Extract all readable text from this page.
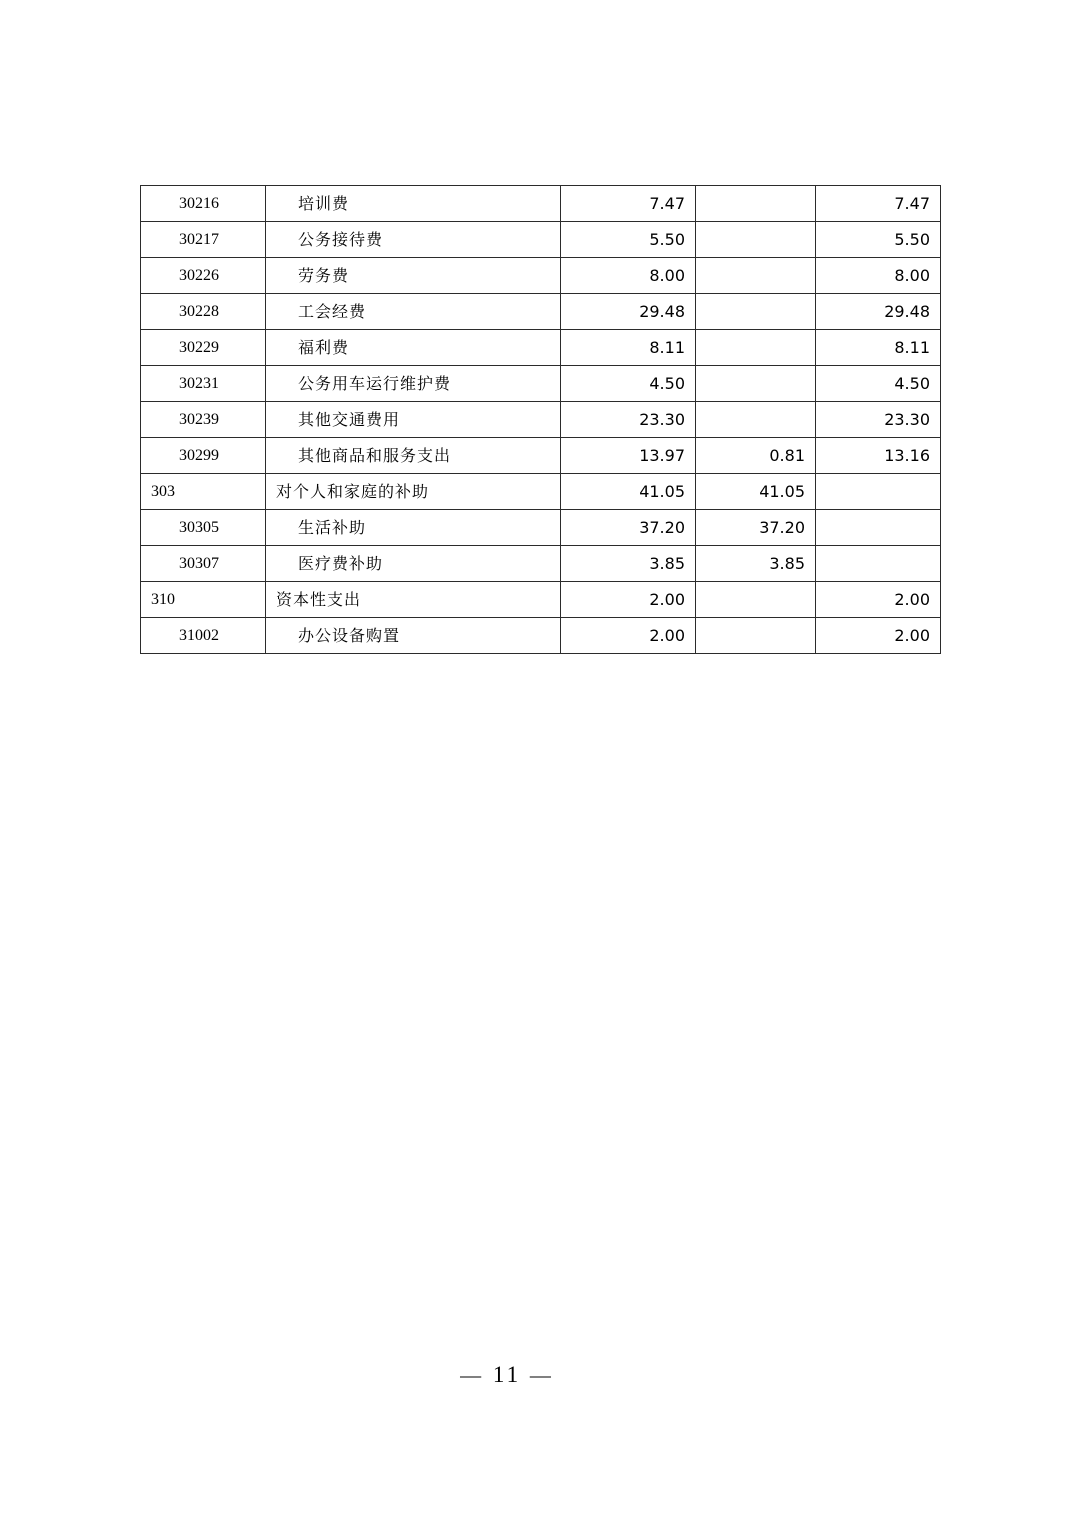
30216	培训费	7.47		7.47
30217	公务接待费	5.50		5.50
30226	劳务费	8.00		8.00
30228	工会经费	29.48		29.48
30229	福利费	8.11		8.11
30231	公务用车运行维护费	4.50		4.50
30239	其他交通费用	23.30		23.30
30299	其他商品和服务支出	13.97	0.81	13.16
303	对个人和家庭的补助	41.05	41.05	
30305	生活补助	37.20	37.20	
30307	医疗费补助	3.85	3.85	
310	资本性支出	2.00		2.00
31002	办公设备购置	2.00		2.00
— 11 —
